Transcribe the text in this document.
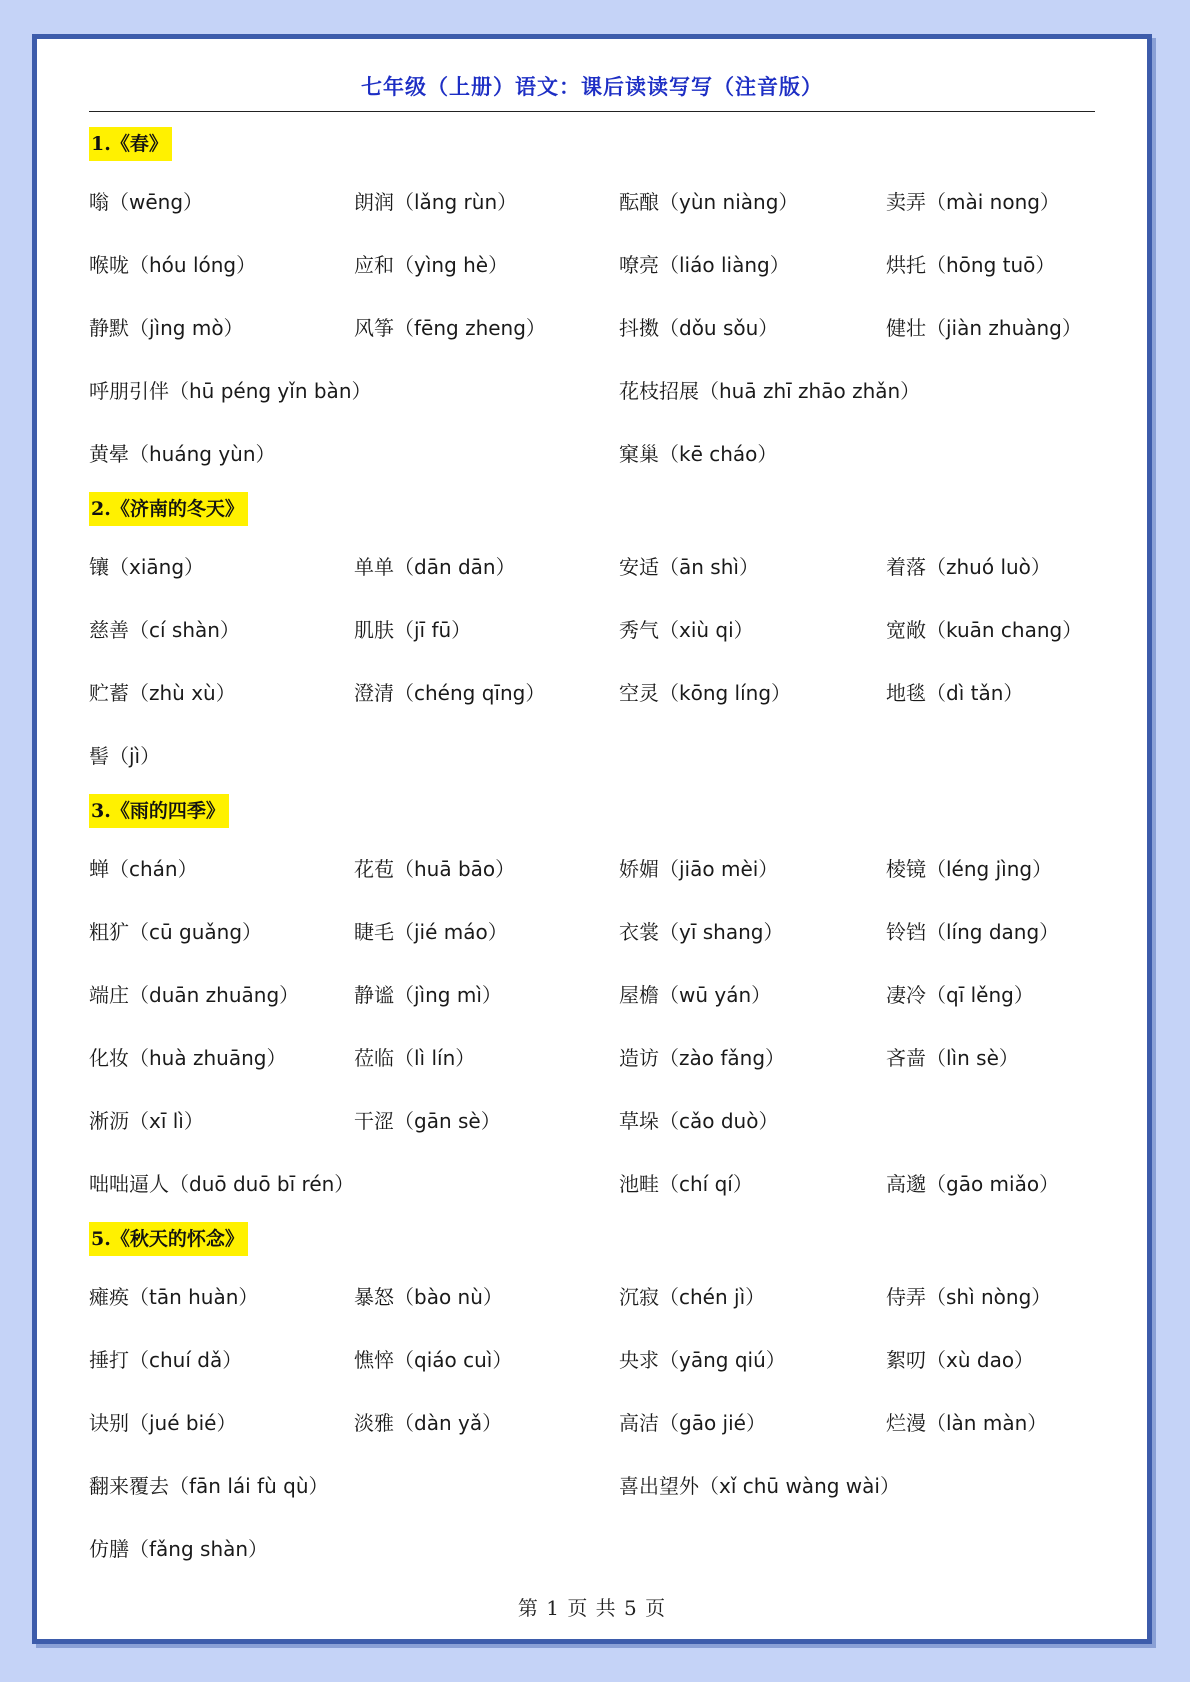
七年级（上册）语文：课后读读写写（注音版）
1.《春》
嗡（wēng）	朗润（lǎng rùn）	酝酿（yùn niàng）	卖弄（mài nong）
喉咙（hóu lóng）	应和（yìng hè）	嘹亮（liáo liàng）	烘托（hōng tuō）
静默（jìng mò）	风筝（fēng zheng）	抖擞（dǒu sǒu）	健壮（jiàn zhuàng）
呼朋引伴（hū péng yǐn bàn）	花枝招展（huā zhī zhāo zhǎn）
黄晕（huáng yùn）	窠巢（kē cháo）
2.《济南的冬天》
镶（xiāng）	单单（dān dān）	安适（ān shì）	着落（zhuó luò）
慈善（cí shàn）	肌肤（jī fū）	秀气（xiù qi）	宽敞（kuān chang）
贮蓄（zhù xù）	澄清（chéng qīng）	空灵（kōng líng）	地毯（dì tǎn）
髻（jì）
3.《雨的四季》
蝉（chán）	花苞（huā bāo）	娇媚（jiāo mèi）	棱镜（léng jìng）
粗犷（cū guǎng）	睫毛（jié máo）	衣裳（yī shang）	铃铛（líng dang）
端庄（duān zhuāng）	静谧（jìng mì）	屋檐（wū yán）	凄冷（qī lěng）
化妆（huà zhuāng）	莅临（lì lín）	造访（zào fǎng）	吝啬（lìn sè）
淅沥（xī lì）	干涩（gān sè）	草垛（cǎo duò）
咄咄逼人（duō duō bī rén）	池畦（chí qí）	高邈（gāo miǎo）
5.《秋天的怀念》
瘫痪（tān huàn）	暴怒（bào nù）	沉寂（chén jì）	侍弄（shì nòng）
捶打（chuí dǎ）	憔悴（qiáo cuì）	央求（yāng qiú）	絮叨（xù dao）
诀别（jué bié）	淡雅（dàn yǎ）	高洁（gāo jié）	烂漫（làn màn）
翻来覆去（fān lái fù qù）	喜出望外（xǐ chū wàng wài）
仿膳（fǎng shàn）
第 1 页 共 5 页
